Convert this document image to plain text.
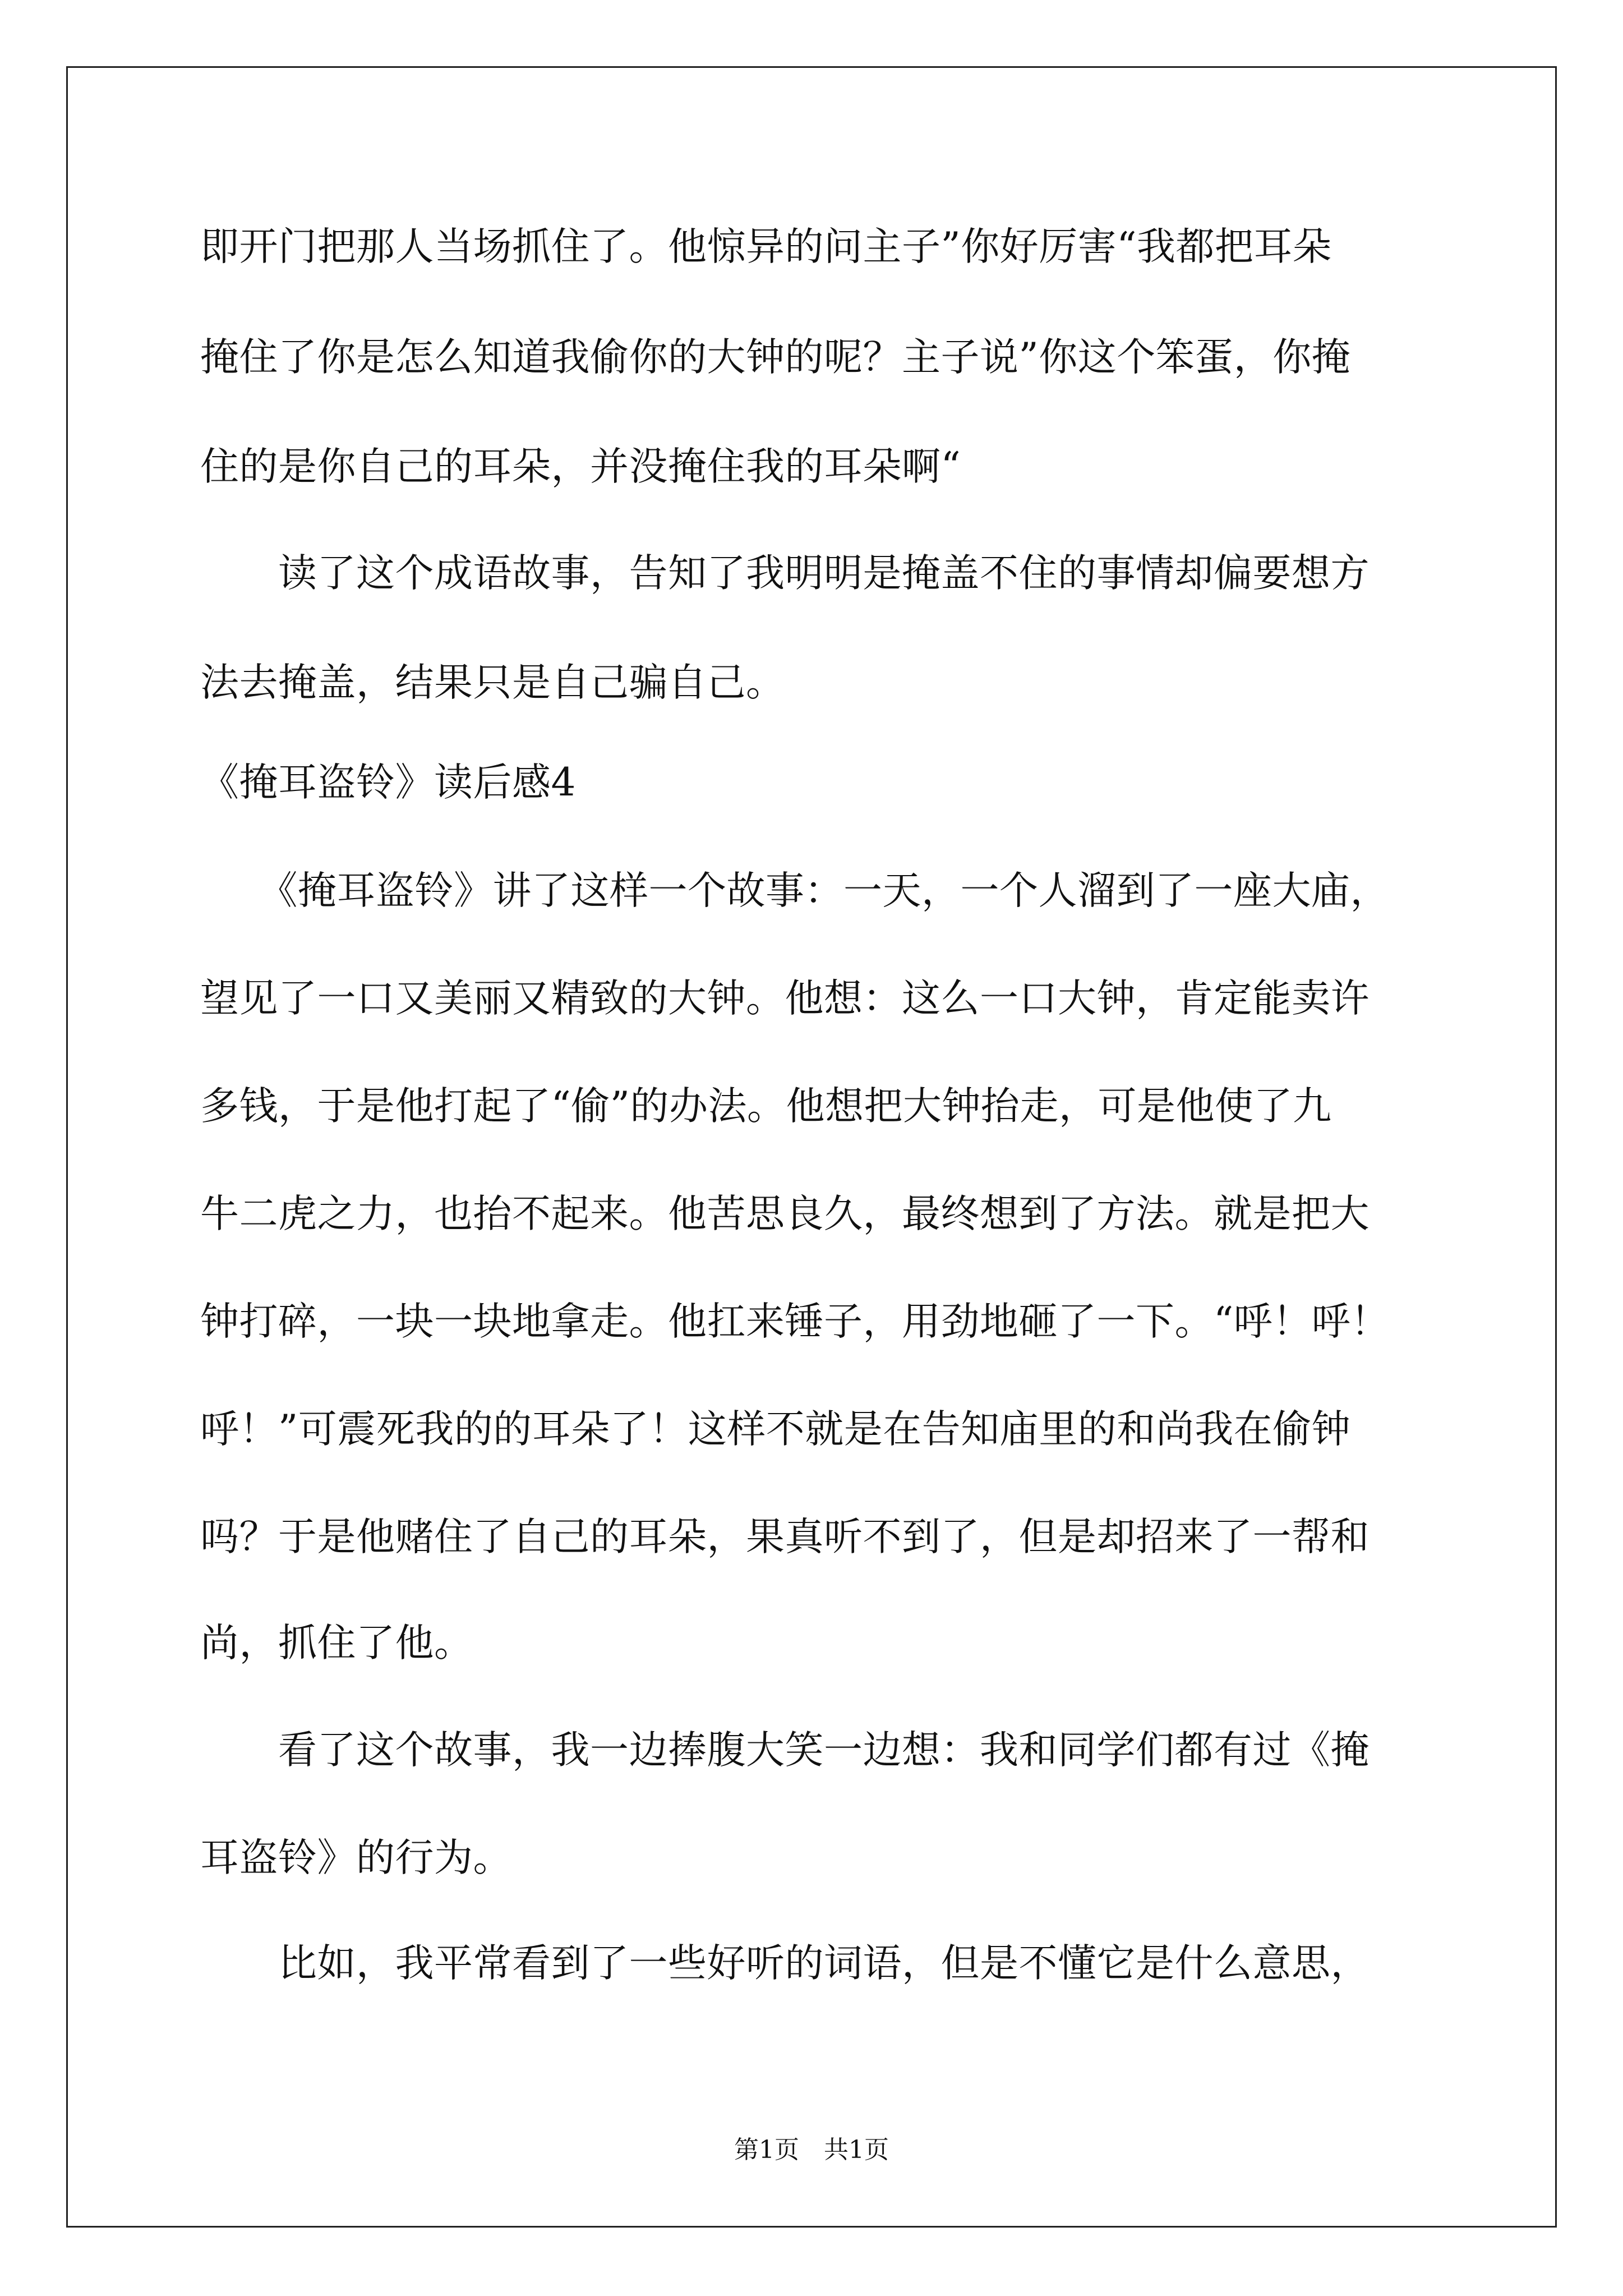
即开门把那人当场抓住了。他惊异的问主子”你好厉害“我都把耳朵
掩住了你是怎么知道我偷你的大钟的呢？主子说”你这个笨蛋，你掩
住的是你自己的耳朵，并没掩住我的耳朵啊“
　　读了这个成语故事，告知了我明明是掩盖不住的事情却偏要想方
法去掩盖，结果只是自己骗自己。
《掩耳盗铃》读后感4
　　《掩耳盗铃》讲了这样一个故事：一天，一个人溜到了一座大庙，
望见了一口又美丽又精致的大钟。他想：这么一口大钟，肯定能卖许
多钱，于是他打起了“偷”的办法。他想把大钟抬走，可是他使了九
牛二虎之力，也抬不起来。他苦思良久，最终想到了方法。就是把大
钟打碎，一块一块地拿走。他扛来锤子，用劲地砸了一下。“呼！呼！
呼！”可震死我的的耳朵了！这样不就是在告知庙里的和尚我在偷钟
吗？于是他赌住了自己的耳朵，果真听不到了，但是却招来了一帮和
尚，抓住了他。
　　看了这个故事，我一边捧腹大笑一边想：我和同学们都有过《掩
耳盗铃》的行为。
　　比如，我平常看到了一些好听的词语，但是不懂它是什么意思，
第1页　共1页
